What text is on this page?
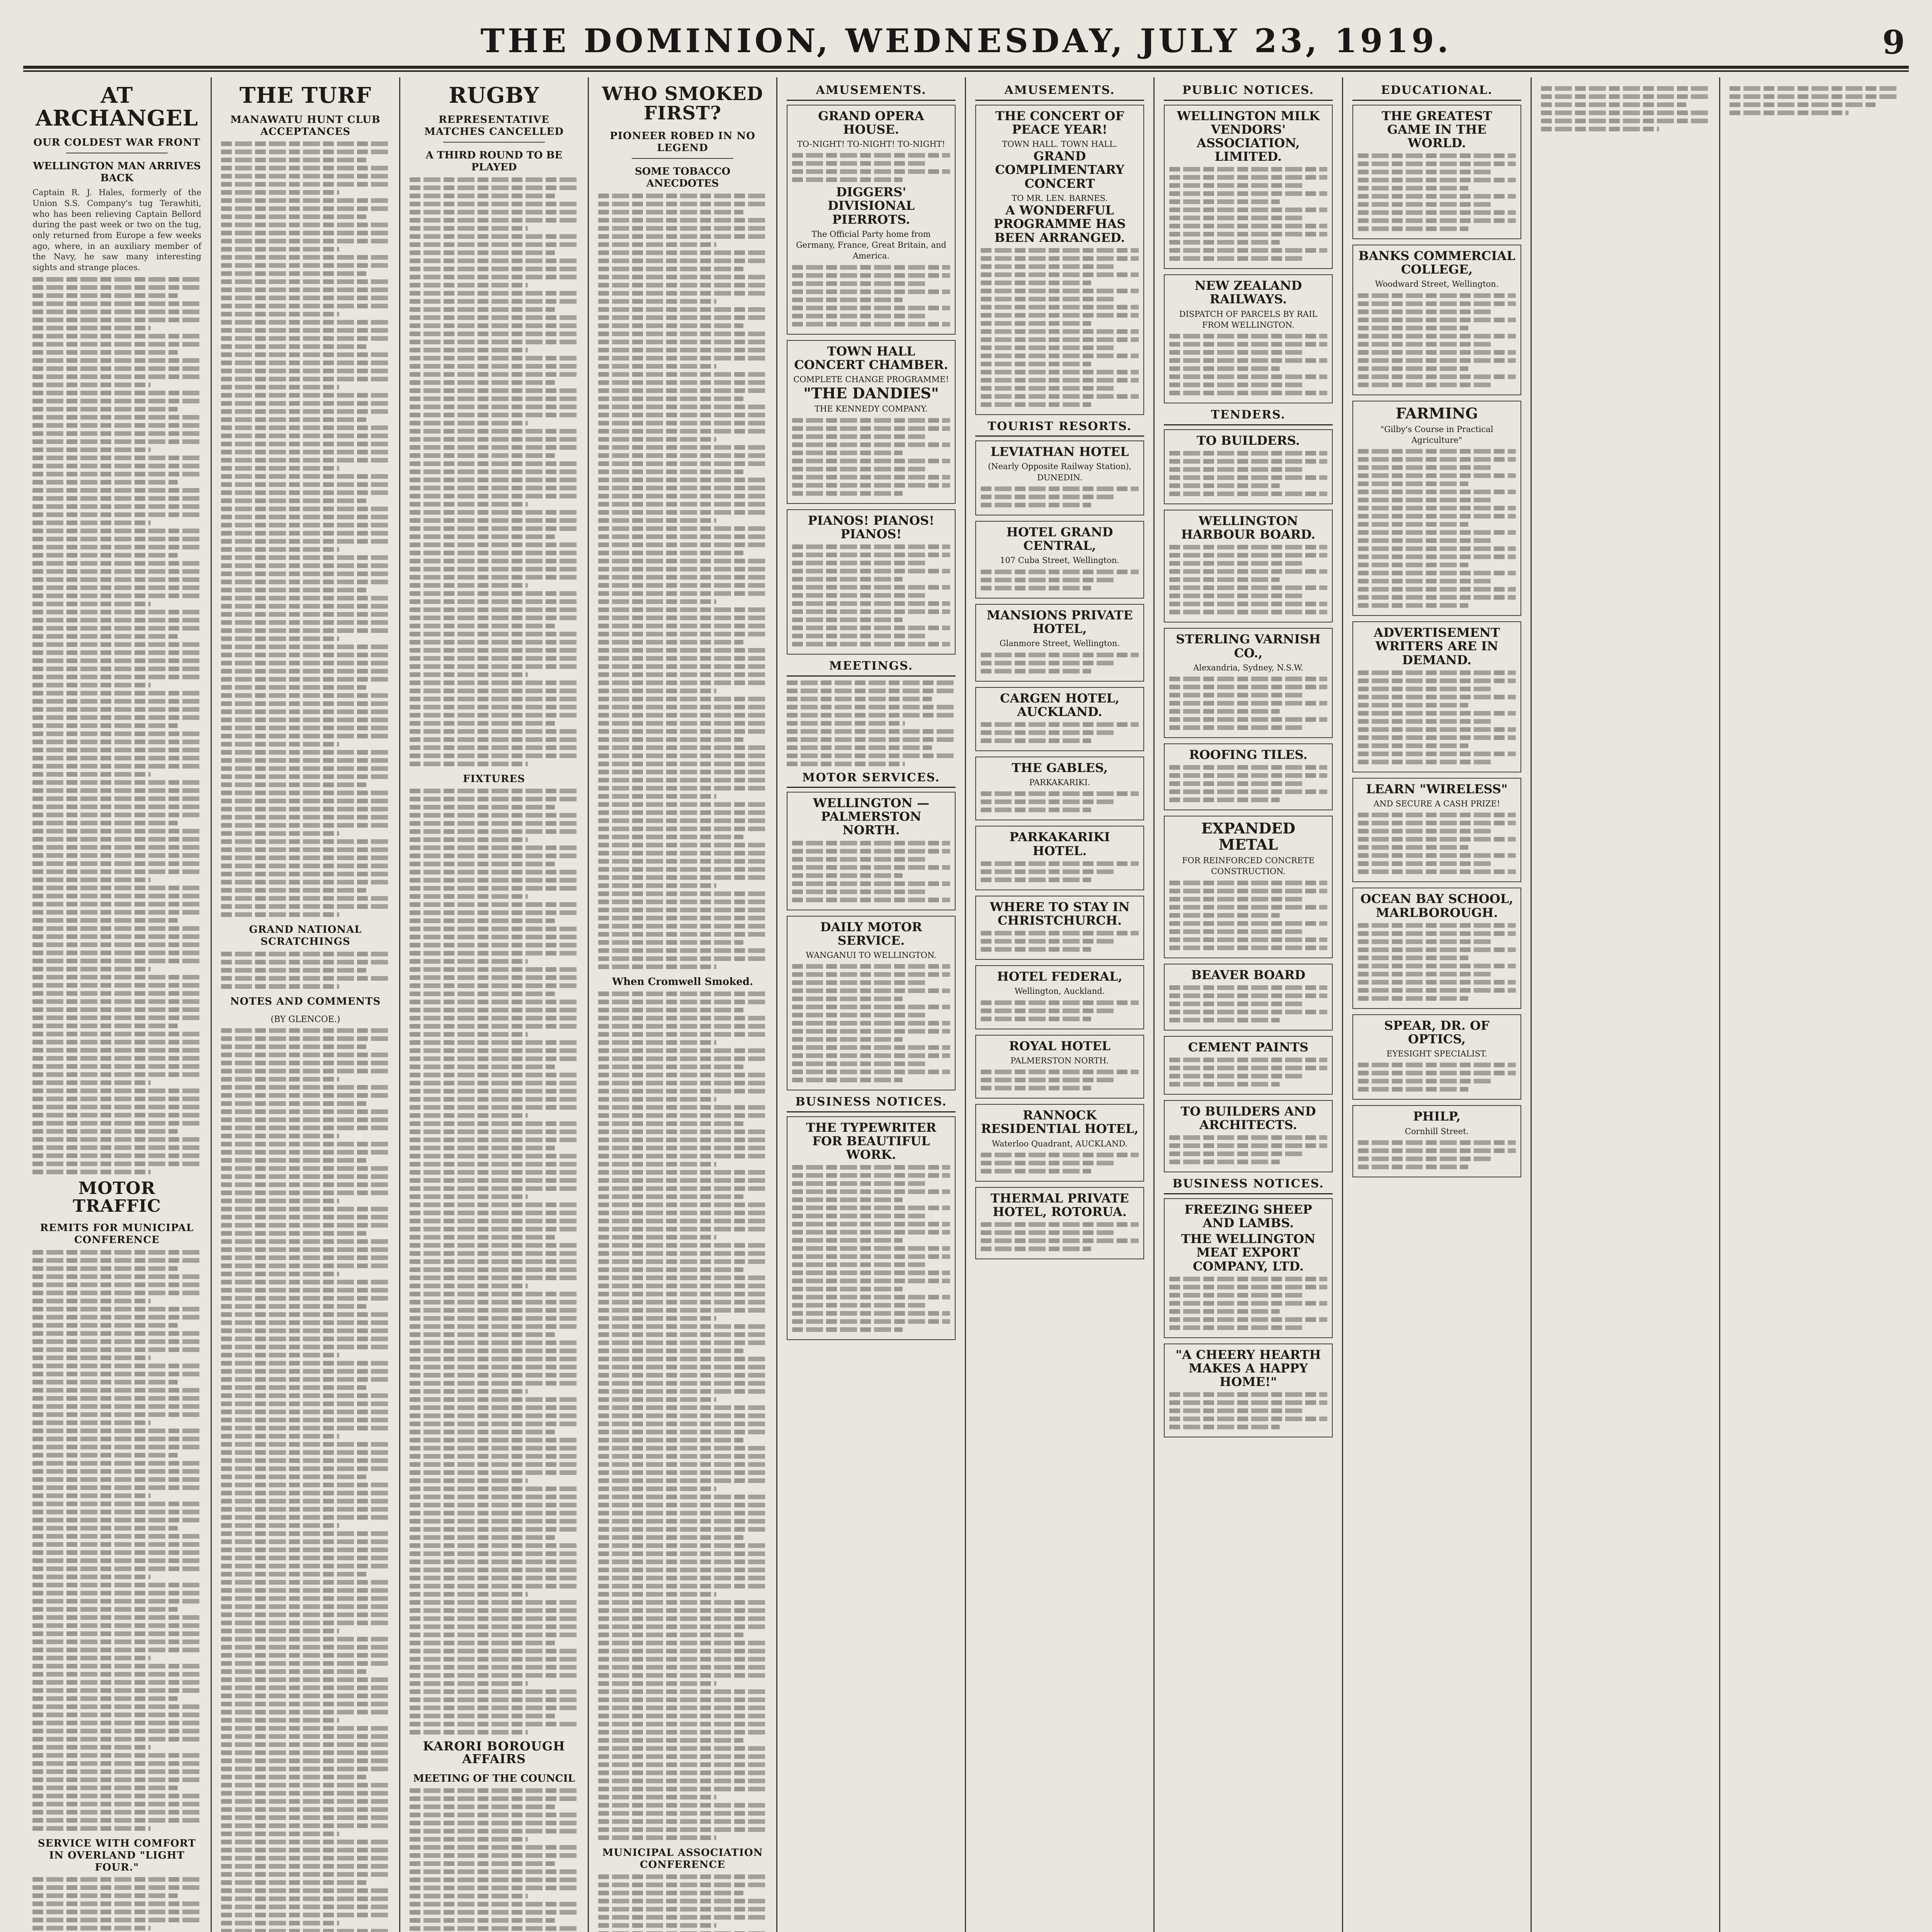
THE DOMINION, WEDNESDAY, JULY 23, 1919.	9
AT ARCHANGEL
OUR COLDEST WAR FRONT
WELLINGTON MAN ARRIVES BACK

Captain R. J. Hales, formerly of the Union S.S. Company's tug Terawhiti, who has been relieving Captain Bellord during the past week or two on the tug, only returned from Europe a few weeks ago, where, in an auxiliary member of the Navy, he saw many interesting sights and strange places.

MOTOR TRAFFIC
REMITS FOR MUNICIPAL CONFERENCE
SERVICE WITH COMFORT IN OVERLAND "LIGHT FOUR."
THE TURF
MANAWATU HUNT CLUB ACCEPTANCES
GRAND NATIONAL SCRATCHINGS
NOTES AND COMMENTS
(BY GLENCOE.)
RUGBY
REPRESENTATIVE MATCHES CANCELLED
A THIRD ROUND TO BE PLAYED
FIXTURES
KARORI BOROUGH AFFAIRS
MEETING OF THE COUNCIL
WHO SMOKED FIRST?
PIONEER ROBED IN NO LEGEND
SOME TOBACCO ANECDOTES
When Cromwell Smoked.
MUNICIPAL ASSOCIATION CONFERENCE
AMUSEMENTS.
GRAND OPERA HOUSE.
TO-NIGHT! TO-NIGHT! TO-NIGHT!
DIGGERS' DIVISIONAL PIERROTS.
The Official Party home from Germany, France, Great Britain, and America.
TOWN HALL CONCERT CHAMBER.
COMPLETE CHANGE PROGRAMME!
"THE DANDIES"
THE KENNEDY COMPANY.
PIANOS! PIANOS! PIANOS!
MEETINGS.
MOTOR SERVICES.
WELLINGTON — PALMERSTON NORTH.
DAILY MOTOR SERVICE.
WANGANUI TO WELLINGTON.
BUSINESS NOTICES.
THE TYPEWRITER FOR BEAUTIFUL WORK.
AMUSEMENTS.
THE CONCERT OF PEACE YEAR!
TOWN HALL. TOWN HALL.
GRAND COMPLIMENTARY CONCERT
TO MR. LEN. BARNES.
A WONDERFUL PROGRAMME HAS BEEN ARRANGED.
TOURIST RESORTS.
LEVIATHAN HOTEL
(Nearly Opposite Railway Station), DUNEDIN.
HOTEL GRAND CENTRAL,
107 Cuba Street, Wellington.
MANSIONS PRIVATE HOTEL,
Glanmore Street, Wellington.
CARGEN HOTEL, AUCKLAND.
THE GABLES,
PARKAKARIKI.
PARKAKARIKI HOTEL.
WHERE TO STAY IN CHRISTCHURCH.
HOTEL FEDERAL,
Wellington, Auckland.
ROYAL HOTEL
PALMERSTON NORTH.
RANNOCK RESIDENTIAL HOTEL,
Waterloo Quadrant, AUCKLAND.
THERMAL PRIVATE HOTEL, ROTORUA.
PUBLIC NOTICES.
WELLINGTON MILK VENDORS' ASSOCIATION, LIMITED.
NEW ZEALAND RAILWAYS.
DISPATCH OF PARCELS BY RAIL FROM WELLINGTON.
TENDERS.
TO BUILDERS.
WELLINGTON HARBOUR BOARD.
STERLING VARNISH CO.,
Alexandria, Sydney, N.S.W.
ROOFING TILES.
EXPANDED METAL
FOR REINFORCED CONCRETE CONSTRUCTION.
BEAVER BOARD
CEMENT PAINTS
TO BUILDERS AND ARCHITECTS.
BUSINESS NOTICES.
FREEZING SHEEP AND LAMBS.
THE WELLINGTON MEAT EXPORT COMPANY, LTD.
"A CHEERY HEARTH MAKES A HAPPY HOME!"
EDUCATIONAL.
THE GREATEST GAME IN THE WORLD.
BANKS COMMERCIAL COLLEGE,
Woodward Street, Wellington.
FARMING
"Gilby's Course in Practical Agriculture"
ADVERTISEMENT WRITERS ARE IN DEMAND.
LEARN "WIRELESS"
AND SECURE A CASH PRIZE!
OCEAN BAY SCHOOL, MARLBOROUGH.
SPEAR, DR. OF OPTICS,
EYESIGHT SPECIALIST.
PHILP,
Cornhill Street.
